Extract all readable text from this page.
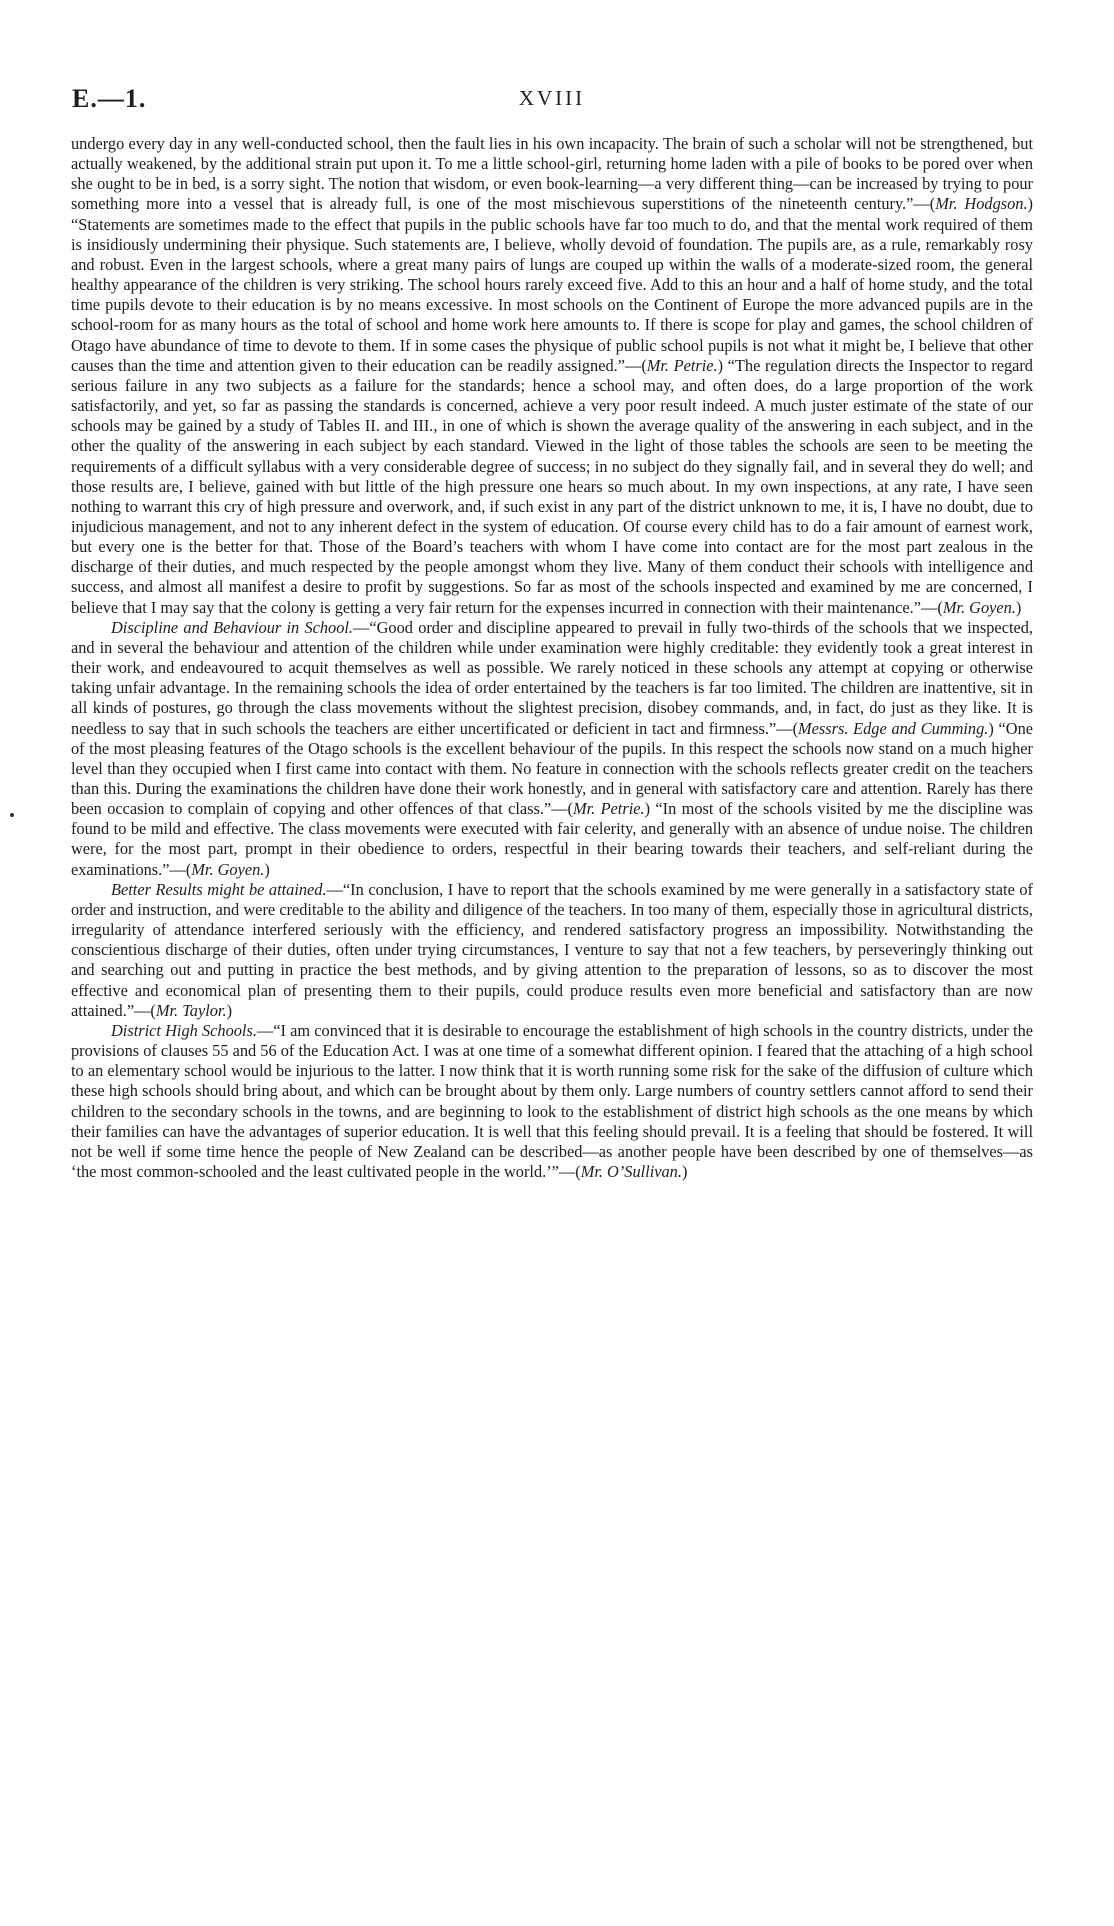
E.—1.	XVIII

undergo every day in any well-conducted school, then the fault lies in his own incapacity. The brain of such a scholar will not be strengthened, but actually weakened, by the additional strain put upon it. To me a little school-girl, returning home laden with a pile of books to be pored over when she ought to be in bed, is a sorry sight. The notion that wisdom, or even book-learning—a very different thing—can be increased by trying to pour something more into a vessel that is already full, is one of the most mischievous superstitions of the nineteenth century.”—(Mr. Hodgson.) “Statements are sometimes made to the effect that pupils in the public schools have far too much to do, and that the mental work required of them is insidiously undermining their physique. Such statements are, I believe, wholly devoid of foundation. The pupils are, as a rule, remarkably rosy and robust. Even in the largest schools, where a great many pairs of lungs are couped up within the walls of a moderate-sized room, the general healthy appearance of the children is very striking. The school hours rarely exceed five. Add to this an hour and a half of home study, and the total time pupils devote to their education is by no means excessive. In most schools on the Continent of Europe the more advanced pupils are in the school-room for as many hours as the total of school and home work here amounts to. If there is scope for play and games, the school children of Otago have abundance of time to devote to them. If in some cases the physique of public school pupils is not what it might be, I believe that other causes than the time and attention given to their education can be readily assigned.”—(Mr. Petrie.) “The regulation directs the Inspector to regard serious failure in any two subjects as a failure for the standards; hence a school may, and often does, do a large proportion of the work satisfactorily, and yet, so far as passing the standards is concerned, achieve a very poor result indeed. A much juster estimate of the state of our schools may be gained by a study of Tables II. and III., in one of which is shown the average quality of the answering in each subject, and in the other the quality of the answering in each subject by each standard. Viewed in the light of those tables the schools are seen to be meeting the requirements of a difficult syllabus with a very considerable degree of success; in no subject do they signally fail, and in several they do well; and those results are, I believe, gained with but little of the high pressure one hears so much about. In my own inspections, at any rate, I have seen nothing to warrant this cry of high pressure and overwork, and, if such exist in any part of the district unknown to me, it is, I have no doubt, due to injudicious management, and not to any inherent defect in the system of education. Of course every child has to do a fair amount of earnest work, but every one is the better for that. Those of the Board’s teachers with whom I have come into contact are for the most part zealous in the discharge of their duties, and much respected by the people amongst whom they live. Many of them conduct their schools with intelligence and success, and almost all manifest a desire to profit by suggestions. So far as most of the schools inspected and examined by me are concerned, I believe that I may say that the colony is getting a very fair return for the expenses incurred in connection with their maintenance.”—(Mr. Goyen.)

Discipline and Behaviour in School.—“Good order and discipline appeared to prevail in fully two-thirds of the schools that we inspected, and in several the behaviour and attention of the children while under examination were highly creditable: they evidently took a great interest in their work, and endeavoured to acquit themselves as well as possible. We rarely noticed in these schools any attempt at copying or otherwise taking unfair advantage. In the remaining schools the idea of order entertained by the teachers is far too limited. The children are inattentive, sit in all kinds of postures, go through the class movements without the slightest precision, disobey commands, and, in fact, do just as they like. It is needless to say that in such schools the teachers are either uncertificated or deficient in tact and firmness.”—(Messrs. Edge and Cumming.) “One of the most pleasing features of the Otago schools is the excellent behaviour of the pupils. In this respect the schools now stand on a much higher level than they occupied when I first came into contact with them. No feature in connection with the schools reflects greater credit on the teachers than this. During the examinations the children have done their work honestly, and in general with satisfactory care and attention. Rarely has there been occasion to complain of copying and other offences of that class.”—(Mr. Petrie.) “In most of the schools visited by me the discipline was found to be mild and effective. The class movements were executed with fair celerity, and generally with an absence of undue noise. The children were, for the most part, prompt in their obedience to orders, respectful in their bearing towards their teachers, and self-reliant during the examinations.”—(Mr. Goyen.)

Better Results might be attained.—“In conclusion, I have to report that the schools examined by me were generally in a satisfactory state of order and instruction, and were creditable to the ability and diligence of the teachers. In too many of them, especially those in agricultural districts, irregularity of attendance interfered seriously with the efficiency, and rendered satisfactory progress an impossibility. Notwithstanding the conscientious discharge of their duties, often under trying circumstances, I venture to say that not a few teachers, by perseveringly thinking out and searching out and putting in practice the best methods, and by giving attention to the preparation of lessons, so as to discover the most effective and economical plan of presenting them to their pupils, could produce results even more beneficial and satisfactory than are now attained.”—(Mr. Taylor.)

District High Schools.—“I am convinced that it is desirable to encourage the establishment of high schools in the country districts, under the provisions of clauses 55 and 56 of the Education Act. I was at one time of a somewhat different opinion. I feared that the attaching of a high school to an elementary school would be injurious to the latter. I now think that it is worth running some risk for the sake of the diffusion of culture which these high schools should bring about, and which can be brought about by them only. Large numbers of country settlers cannot afford to send their children to the secondary schools in the towns, and are beginning to look to the establishment of district high schools as the one means by which their families can have the advantages of superior education. It is well that this feeling should prevail. It is a feeling that should be fostered. It will not be well if some time hence the people of New Zealand can be described—as another people have been described by one of themselves—as ‘the most common-schooled and the least cultivated people in the world.’”—(Mr. O’Sullivan.)
